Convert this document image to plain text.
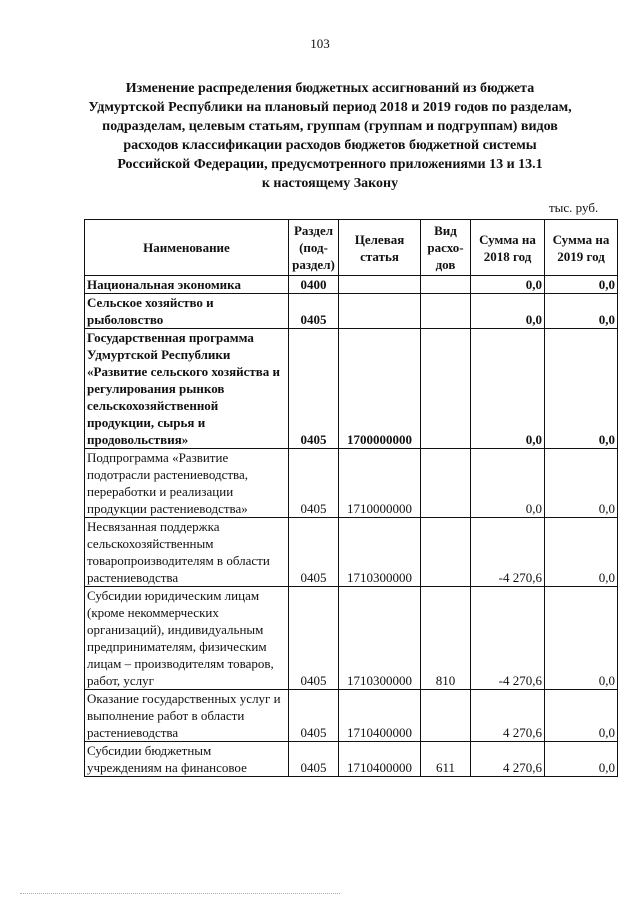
103
Изменение распределения бюджетных ассигнований из бюджета
Удмуртской Республики на плановый период 2018 и 2019 годов по разделам,
подразделам, целевым статьям, группам (группам и подгруппам) видов
расходов классификации расходов бюджетов бюджетной системы
Российской Федерации, предусмотренного приложениями 13 и 13.1
к настоящему Закону
тыс. руб.
Наименование	Раздел (под-раздел)	Целевая статья	Вид расхо-дов	Сумма на 2018 год	Сумма на 2019 год
Национальная экономика	0400			0,0	0,0
Сельское хозяйство и рыболовство	0405			0,0	0,0
Государственная программа Удмуртской Республики «Развитие сельского хозяйства и регулирования рынков сельскохозяйственной продукции, сырья и продовольствия»	0405	1700000000		0,0	0,0
Подпрограмма «Развитие подотрасли растениеводства, переработки и реализации продукции растениеводства»	0405	1710000000		0,0	0,0
Несвязанная поддержка сельскохозяйственным товаропроизводителям в области растениеводства	0405	1710300000		-4 270,6	0,0
Субсидии юридическим лицам (кроме некоммерческих организаций), индивидуальным предпринимателям, физическим лицам – производителям товаров, работ, услуг	0405	1710300000	810	-4 270,6	0,0
Оказание государственных услуг и выполнение работ в области растениеводства	0405	1710400000		4 270,6	0,0
Субсидии бюджетным учреждениям на финансовое	0405	1710400000	611	4 270,6	0,0
